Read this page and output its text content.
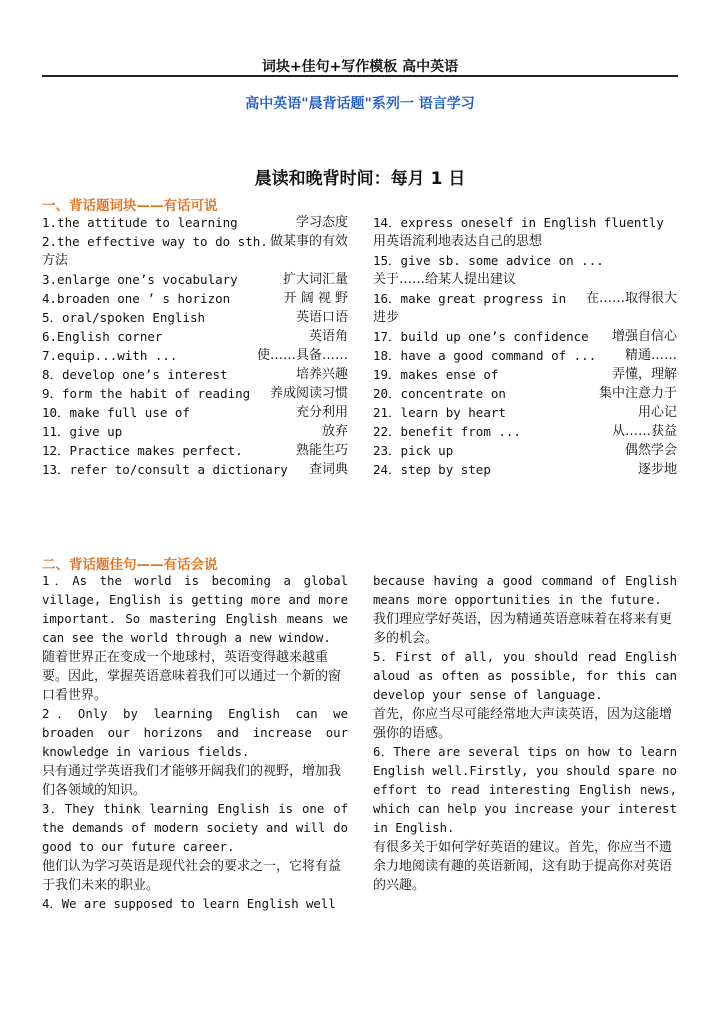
词块+佳句+写作模板 高中英语
高中英语"晨背话题"系列一 语言学习
晨读和晚背时间：每月 1 日
一、背话题词块——有话可说
1.the attitude to learning	学习态度
2.the effective way to do sth. 做某事的有效
方法
3.enlarge one’s vocabulary	扩大词汇量
4.broaden one ’ s horizon	开 阔 视 野
5．oral/spoken English	英语口语
6.English corner	英语角
7.equip...with ...	使……具备……
8．develop one’s interest	培养兴趣
9．form the habit of reading 养成阅读习惯
10．make full use of	充分利用
11．give up	放弃
12．Practice makes perfect.	熟能生巧
13．refer to/consult a dictionary 查词典
14．express oneself in English fluently
用英语流利地表达自己的思想
15．give sb. some advice on ...
关于……给某人提出建议
16．make great progress in 在……取得很大
进步
17．build up one’s confidence 增强自信心
18．have a good command of ... 精通……
19．makes ense of	弄懂，理解
20．concentrate on	集中注意力于
21．learn by heart	用心记
22．benefit from ...	从……获益
23．pick up	偶然学会
24．step by step	逐步地
二、背话题佳句——有话会说

1．As the world is becoming a global village, English is getting more and more important. So mastering English means we can see the world through a new window.

随着世界正在变成一个地球村，英语变得越来越重要。因此，掌握英语意味着我们可以通过一个新的窗口看世界。

2．Only by learning English can we broaden our horizons and increase our knowledge in various fields.

只有通过学英语我们才能够开阔我们的视野，增加我们各领域的知识。

3．They think learning English is one of the demands of modern society and will do good to our future career.

他们认为学习英语是现代社会的要求之一，它将有益于我们未来的职业。

4．We are supposed to learn English well

because having a good command of English means more opportunities in the future.

我们理应学好英语，因为精通英语意味着在将来有更多的机会。

5．First of all, you should read English aloud as often as possible, for this can develop your sense of language.

首先，你应当尽可能经常地大声读英语，因为这能增强你的语感。

6．There are several tips on how to learn English well.Firstly, you should spare no effort to read interesting English news, which can help you increase your interest in English.

有很多关于如何学好英语的建议。首先，你应当不遗余力地阅读有趣的英语新闻，这有助于提高你对英语的兴趣。
